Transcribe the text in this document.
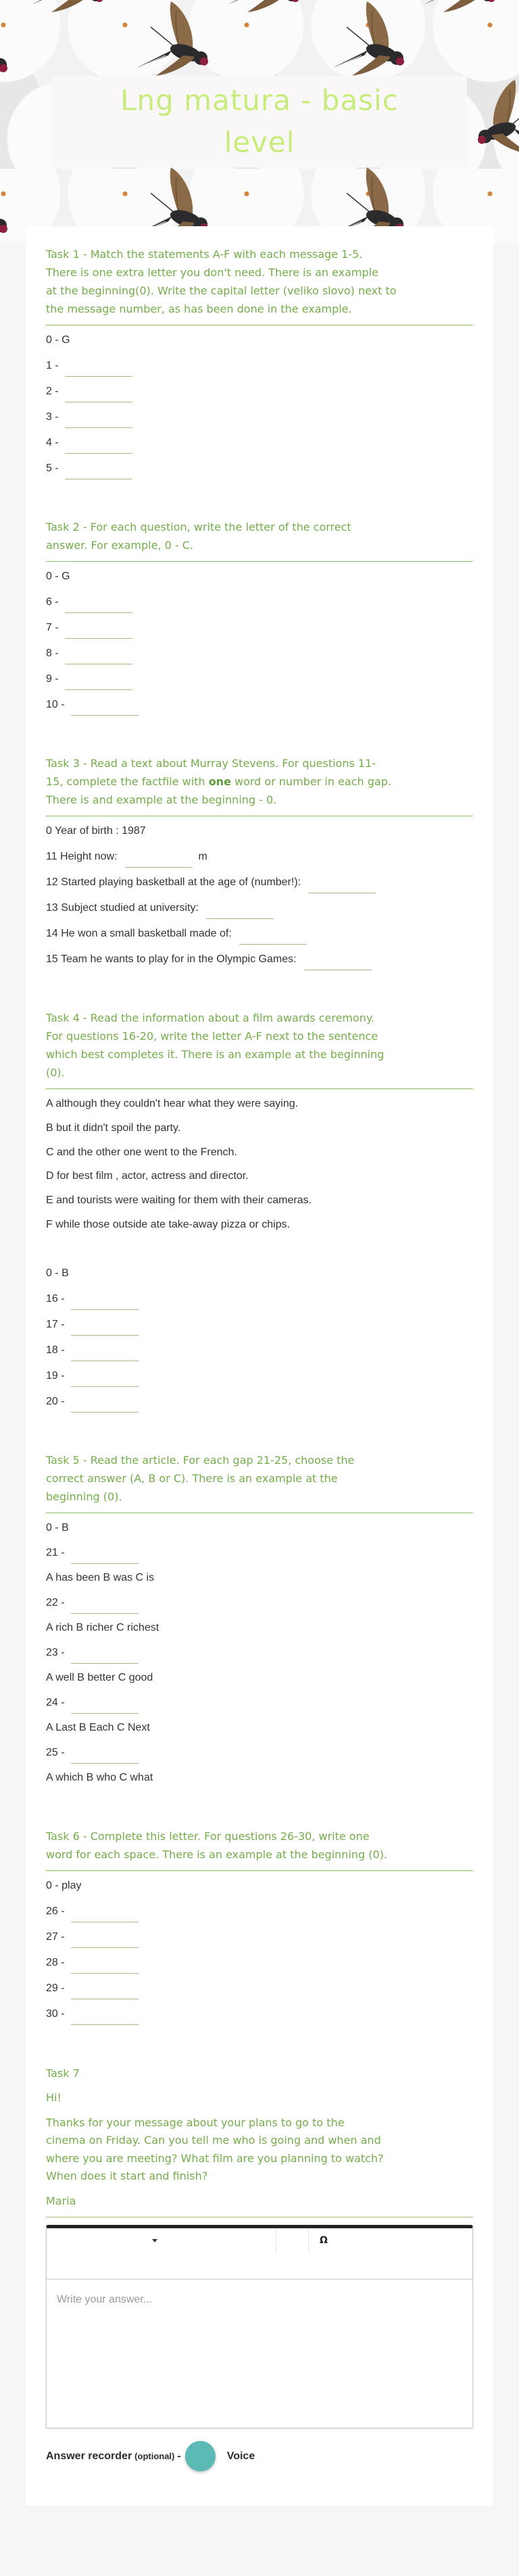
Lng matura - basic
level
Task 1 - Match the statements A-F with each message 1-5.
There is one extra letter you don't need. There is an example
at the beginning(0). Write the capital letter (veliko slovo) next to
the message number, as has been done in the example.
0 - G
1 -
2 -
3 -
4 -
5 -
Task 2 - For each question, write the letter of the correct
answer. For example, 0 - C.
0 - G
6 -
7 -
8 -
9 -
10 -
Task 3 - Read a text about Murray Stevens. For questions 11-
15, complete the factfile with one word or number in each gap.
There is and example at the beginning - 0.
0 Year of birth : 1987
11 Height now:	m
12 Started playing basketball at the age of (number!):
13 Subject studied at university:
14 He won a small basketball made of:
15 Team he wants to play for in the Olympic Games:
Task 4 - Read the information about a film awards ceremony.
For questions 16-20, write the letter A-F next to the sentence
which best completes it. There is an example at the beginning
(0).
A although they couldn't hear what they were saying.
B but it didn't spoil the party.
C and the other one went to the French.
D for best film , actor, actress and director.
E and tourists were waiting for them with their cameras.
F while those outside ate take-away pizza or chips.
0 - B
16 -
17 -
18 -
19 -
20 -
Task 5 - Read the article. For each gap 21-25, choose the
correct answer (A, B or C). There is an example at the
beginning (0).
0 - B
21 -
A has been B was C is
22 -
A rich B richer C richest
23 -
A well B better C good
24 -
A Last B Each C Next
25 -
A which B who C what
Task 6 - Complete this letter. For questions 26-30, write one
word for each space. There is an example at the beginning (0).
0 - play
26 -
27 -
28 -
29 -
30 -

Task 7

Hi!

Thanks for your message about your plans to go to the
cinema on Friday. Can you tell me who is going and when and
where you are meeting? What film are you planning to watch?
When does it start and finish?

Maria

Ω
Write your answer...
Answer recorder (optional) -	Voice
